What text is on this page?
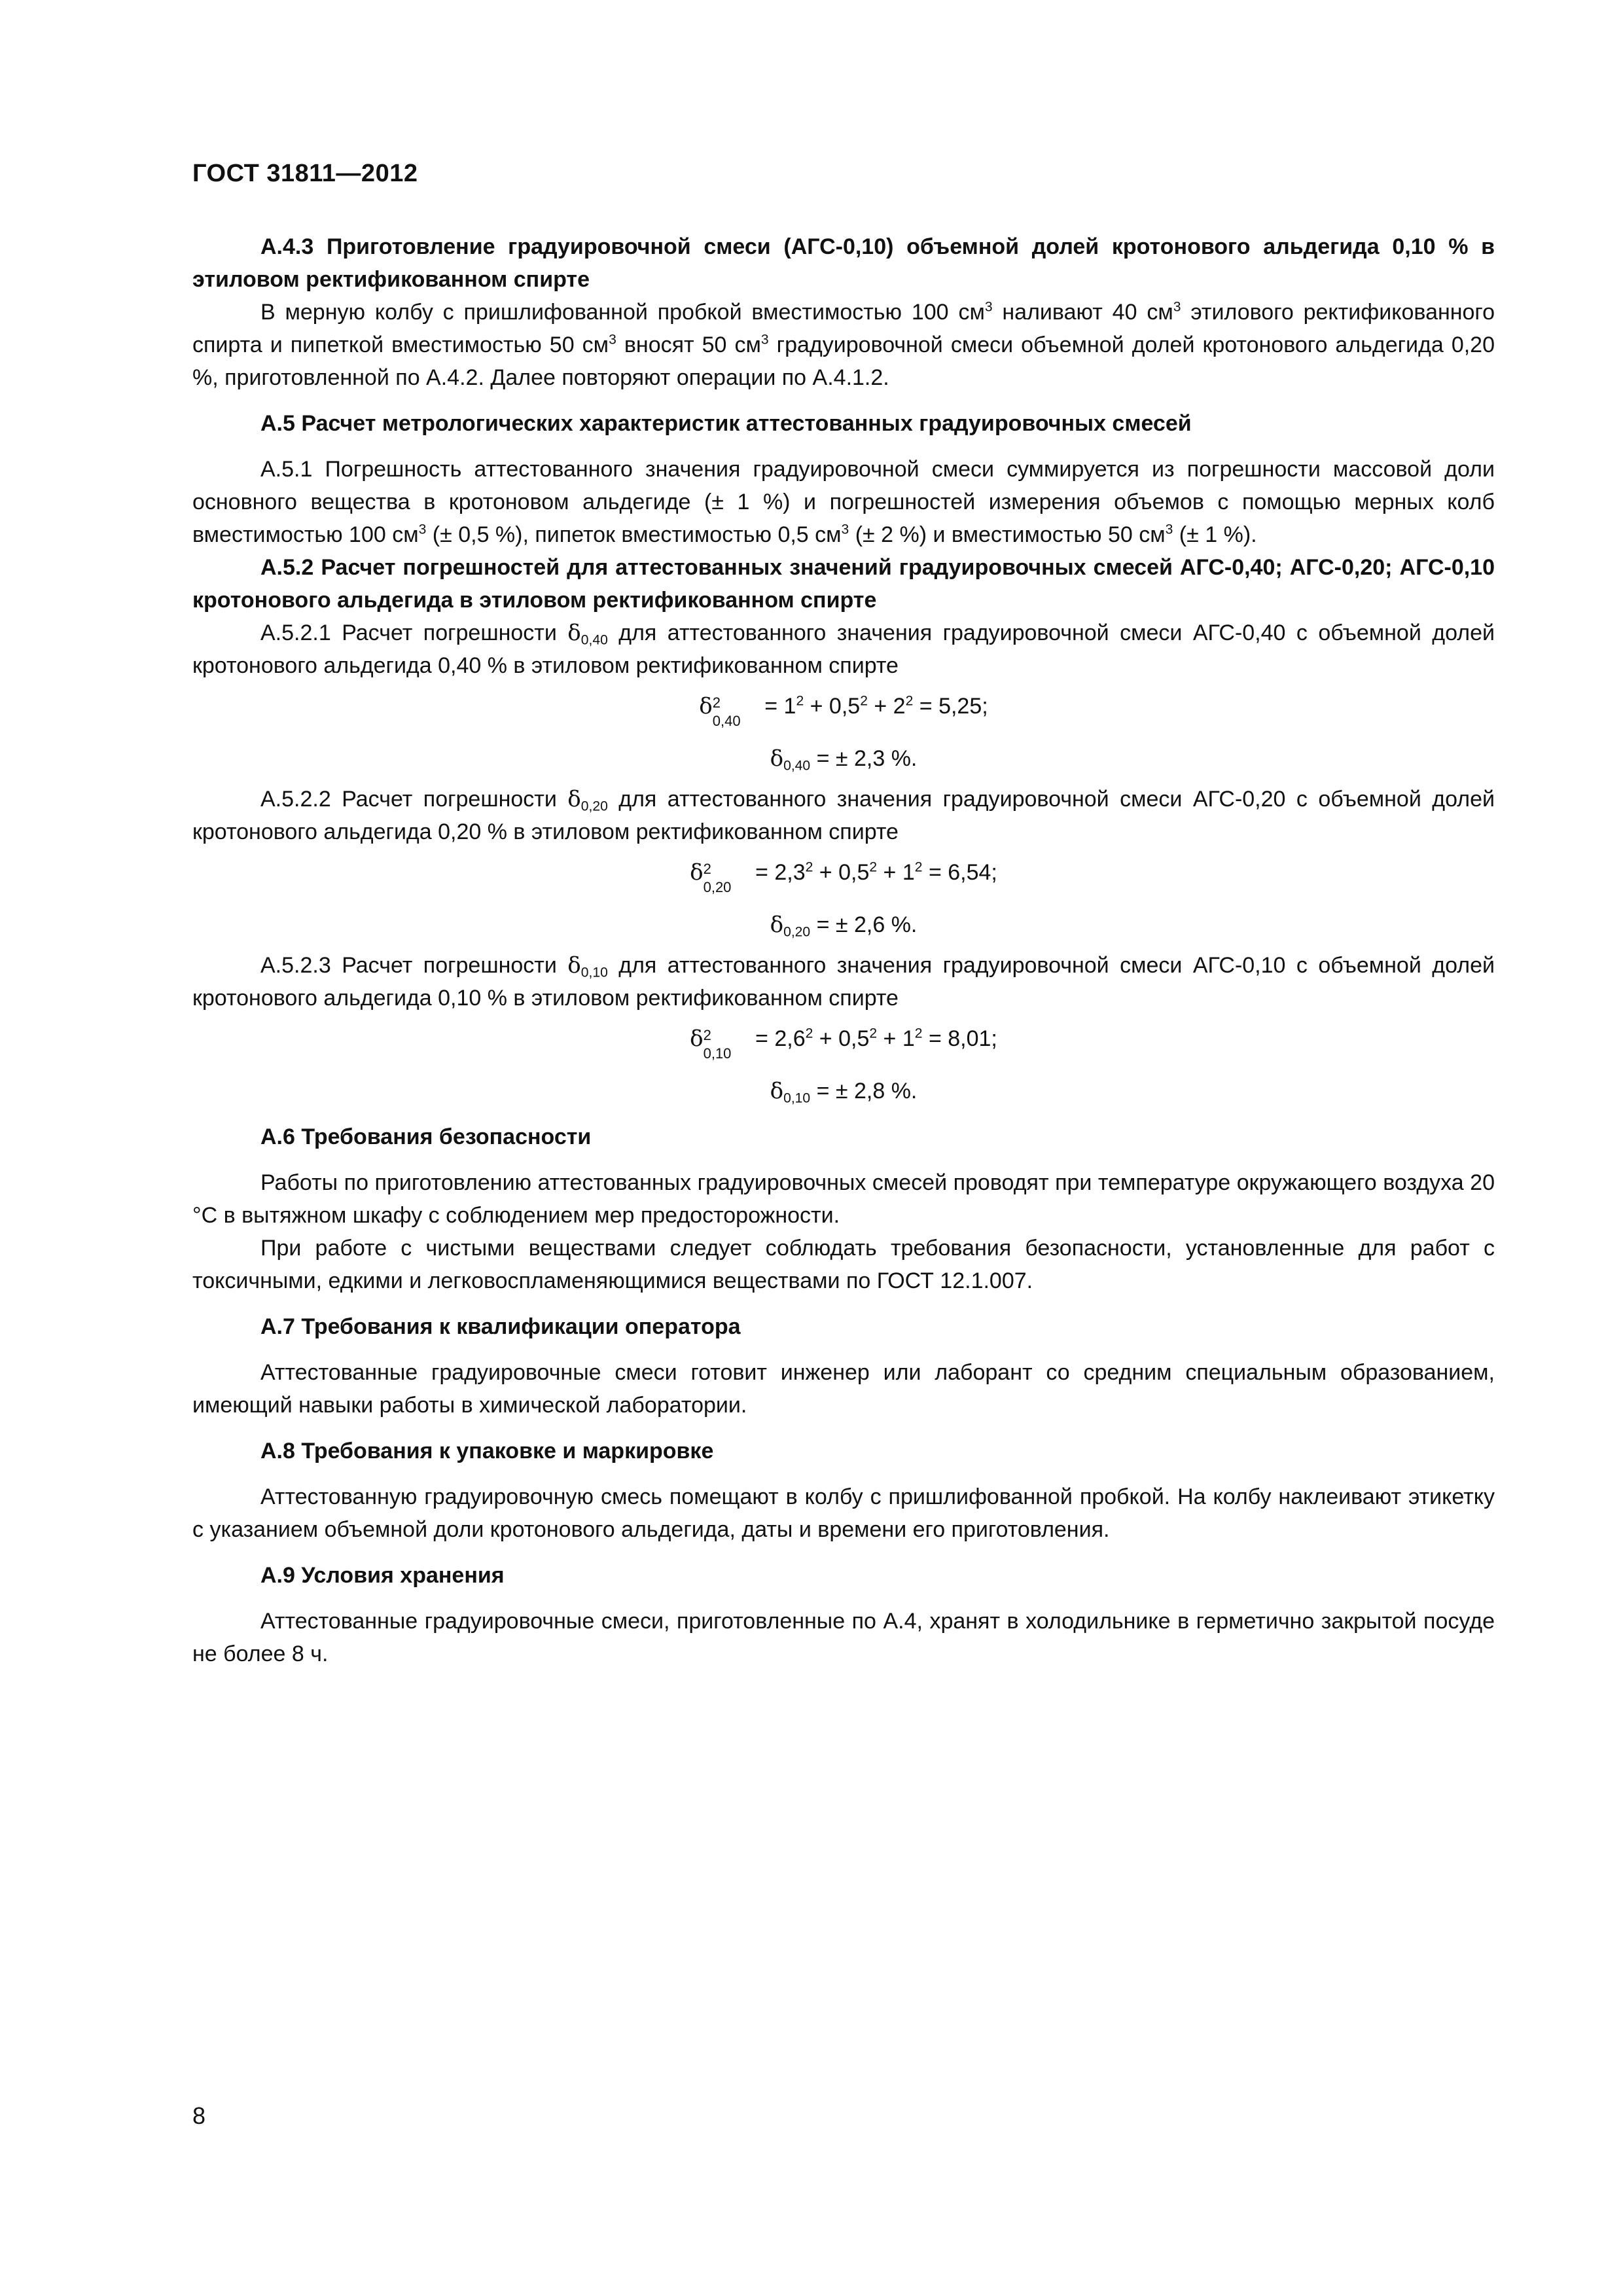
ГОСТ 31811—2012

А.4.3 Приготовление градуировочной смеси (АГС-0,10) объемной долей кротонового альдегида 0,10 % в этиловом ректификованном спирте

В мерную колбу с пришлифованной пробкой вместимостью 100 $см^3$ наливают 40 $см^3$ этилового ректификованного спирта и пипеткой вместимостью 50 $см^3$ вносят 50 $см^3$ градуировочной смеси объемной долей кротонового альдегида 0,20 %, приготовленной по А.4.2. Далее повторяют операции по А.4.1.2.

А.5 Расчет метрологических характеристик аттестованных градуировочных смесей

А.5.1 Погрешность аттестованного значения градуировочной смеси суммируется из погрешности массовой доли основного вещества в кротоновом альдегиде (± 1 %) и погрешностей измерения объемов с помощью мерных колб вместимостью 100 $см^3$ (± 0,5 %), пипеток вместимостью 0,5 $см^3$ (± 2 %) и вместимостью 50 $см^3$ (± 1 %).

А.5.2 Расчет погрешностей для аттестованных значений градуировочных смесей АГС-0,40; АГС-0,20; АГС-0,10 кротонового альдегида в этиловом ректификованном спирте

А.5.2.1 Расчет погрешности $\delta_{0,40}$ для аттестованного значения градуировочной смеси АГС-0,40 с объемной долей кротонового альдегида 0,40 % в этиловом ректификованном спирте

δ 2
0,40
= $1^2 + 0,5^2 + 2^2 = 5,25$;

$\delta_{0,40}$ = ± 2,3 %.

А.5.2.2 Расчет погрешности $\delta_{0,20}$ для аттестованного значения градуировочной смеси АГС-0,20 с объемной долей кротонового альдегида 0,20 % в этиловом ректификованном спирте

δ 2
0,20
= $2,3^2 + 0,5^2 + 1^2 = 6,54$;

$\delta_{0,20}$ = ± 2,6 %.

А.5.2.3 Расчет погрешности $\delta_{0,10}$ для аттестованного значения градуировочной смеси АГС-0,10 с объемной долей кротонового альдегида 0,10 % в этиловом ректификованном спирте

δ 2
0,10
= $2,6^2 + 0,5^2 + 1^2 = 8,01$;

$\delta_{0,10}$ = ± 2,8 %.

А.6 Требования безопасности

Работы по приготовлению аттестованных градуировочных смесей проводят при температуре окружающего воздуха 20 °С в вытяжном шкафу с соблюдением мер предосторожности.

При работе с чистыми веществами следует соблюдать требования безопасности, установленные для работ с токсичными, едкими и легковоспламеняющимися веществами по ГОСТ 12.1.007.

А.7 Требования к квалификации оператора

Аттестованные градуировочные смеси готовит инженер или лаборант со средним специальным образованием, имеющий навыки работы в химической лаборатории.

А.8 Требования к упаковке и маркировке

Аттестованную градуировочную смесь помещают в колбу с пришлифованной пробкой. На колбу наклеивают этикетку с указанием объемной доли кротонового альдегида, даты и времени его приготовления.

А.9 Условия хранения

Аттестованные градуировочные смеси, приготовленные по А.4, хранят в холодильнике в герметично закрытой посуде не более 8 ч.

8
